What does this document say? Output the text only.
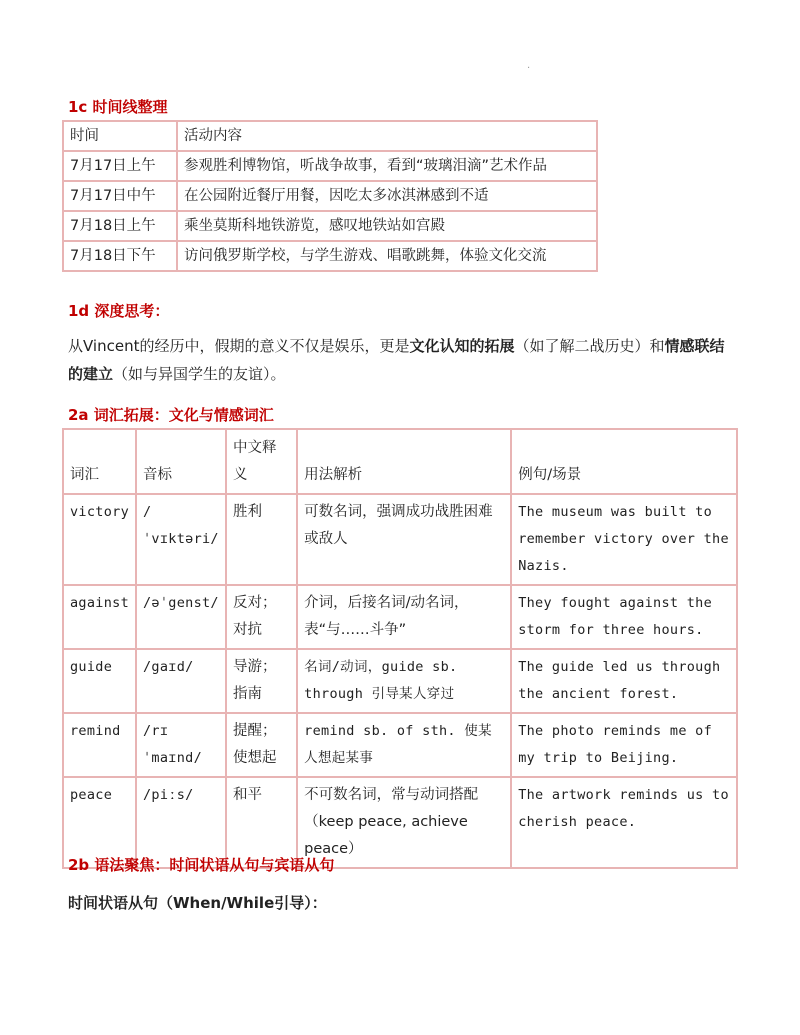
.
1c 时间线整理
时间	活动内容
7月17日上午	参观胜利博物馆，听战争故事，看到“玻璃泪滴”艺术作品
7月17日中午	在公园附近餐厅用餐，因吃太多冰淇淋感到不适
7月18日上午	乘坐莫斯科地铁游览，感叹地铁站如宫殿
7月18日下午	访问俄罗斯学校，与学生游戏、唱歌跳舞，体验文化交流
1d 深度思考：
从Vincent的经历中，假期的意义不仅是娱乐，更是文化认知的拓展（如了解二战历史）和情感联结的建立（如与异国学生的友谊）。
2a 词汇拓展：文化与情感词汇
词汇	音标	中文释义	用法解析	例句/场景
victory	/ˈvɪktəri/	胜利	可数名词，强调成功战胜困难或敌人	The museum was built to remember victory over the Nazis.
against	/əˈgenst/	反对；对抗	介词，后接名词/动名词，表“与……斗争”	They fought against the storm for three hours.
guide	/gaɪd/	导游；指南	名词/动词，guide sb. through 引导某人穿过	The guide led us through the ancient forest.
remind	/rɪˈmaɪnd/	提醒；使想起	remind sb. of sth. 使某人想起某事	The photo reminds me of my trip to Beijing.
peace	/piːs/	和平	不可数名词，常与动词搭配（keep peace, achieve peace）	The artwork reminds us to cherish peace.
2b 语法聚焦：时间状语从句与宾语从句
时间状语从句（When/While引导）：
